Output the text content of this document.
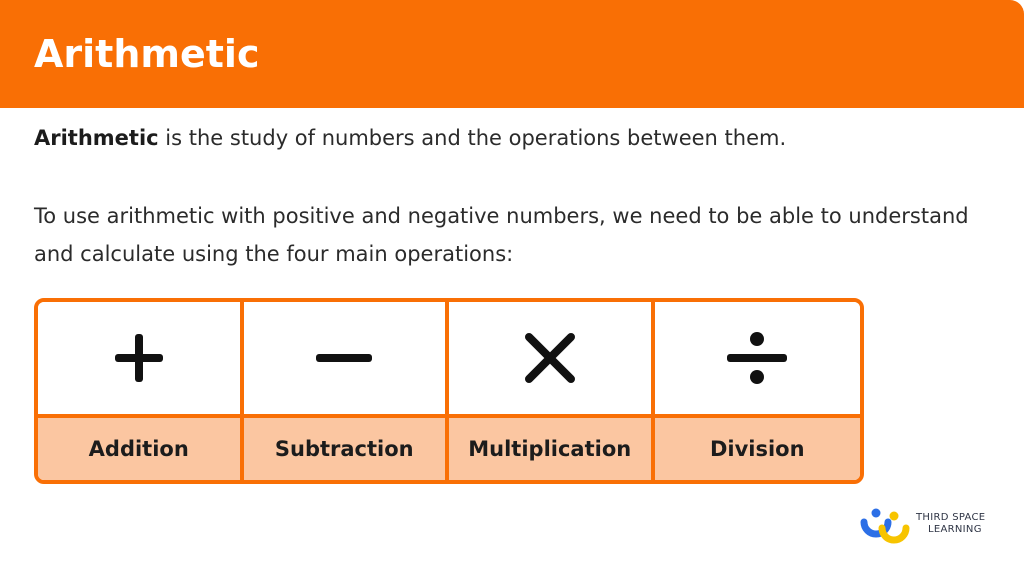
Arithmetic

Arithmetic is the study of numbers and the operations between them.

To use arithmetic with positive and negative numbers, we need to be able to understand and calculate using the four main operations:

Addition	Subtraction	Multiplication	Division
THIRD SPACE
LEARNING
